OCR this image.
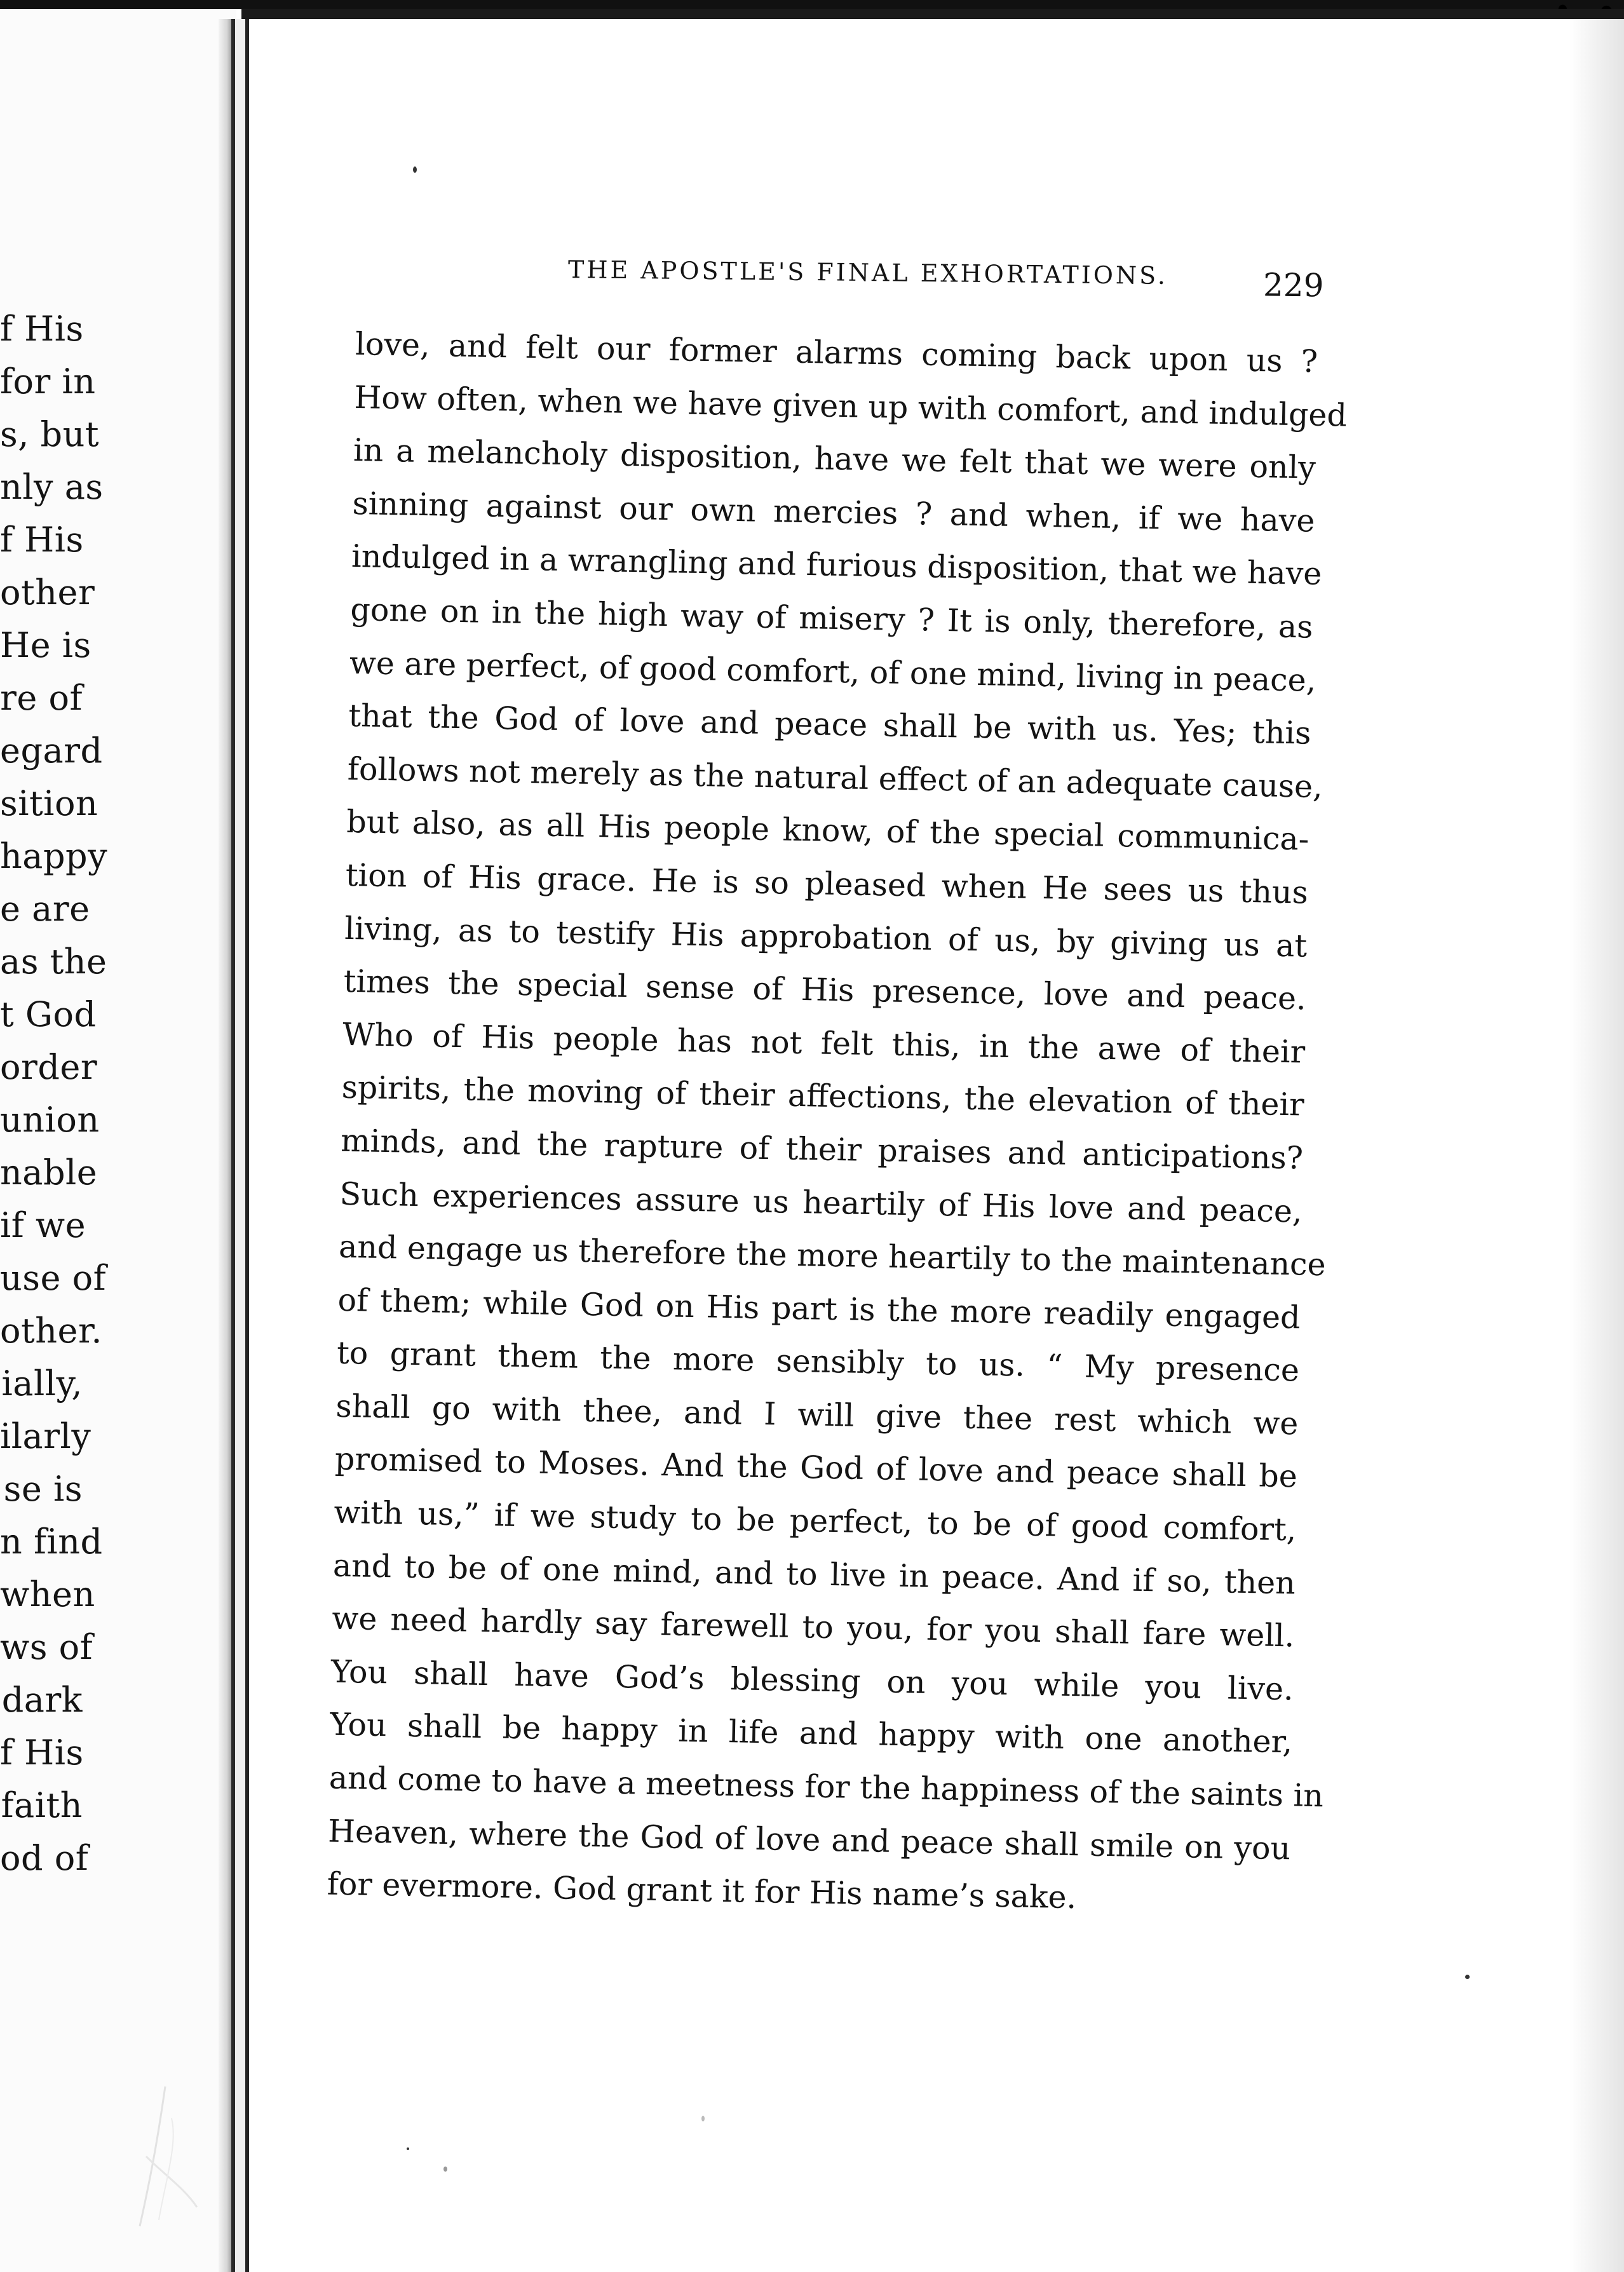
f His
for in
s, but
nly as
f His
other
He is
re of
egard
sition
happy
e are
as the
t God
order
union
nable
if we
use of
other.
ially,
ilarly
se is
n find
when
ws of
dark
f His
faith
od of
THE APOSTLE'S FINAL EXHORTATIONS.	229
love, and felt our former alarms coming back upon us ?
How often, when we have given up with comfort, and indulged
in a melancholy disposition, have we felt that we were only
sinning against our own mercies ? and when, if we have
indulged in a wrangling and furious disposition, that we have
gone on in the high way of misery ? It is only, therefore, as
we are perfect, of good comfort, of one mind, living in peace,
that the God of love and peace shall be with us. Yes; this
follows not merely as the natural effect of an adequate cause,
but also, as all His people know, of the special communica-
tion of His grace. He is so pleased when He sees us thus
living, as to testify His approbation of us, by giving us at
times the special sense of His presence, love and peace.
Who of His people has not felt this, in the awe of their
spirits, the moving of their affections, the elevation of their
minds, and the rapture of their praises and anticipations?
Such experiences assure us heartily of His love and peace,
and engage us therefore the more heartily to the maintenance
of them; while God on His part is the more readily engaged
to grant them the more sensibly to us. “ My presence
shall go with thee, and I will give thee rest which we
promised to Moses. And the God of love and peace shall be
with us,” if we study to be perfect, to be of good comfort,
and to be of one mind, and to live in peace. And if so, then
we need hardly say farewell to you, for you shall fare well.
You shall have God’s blessing on you while you live.
You shall be happy in life and happy with one another,
and come to have a meetness for the happiness of the saints in
Heaven, where the God of love and peace shall smile on you
for evermore. God grant it for His name’s sake.
